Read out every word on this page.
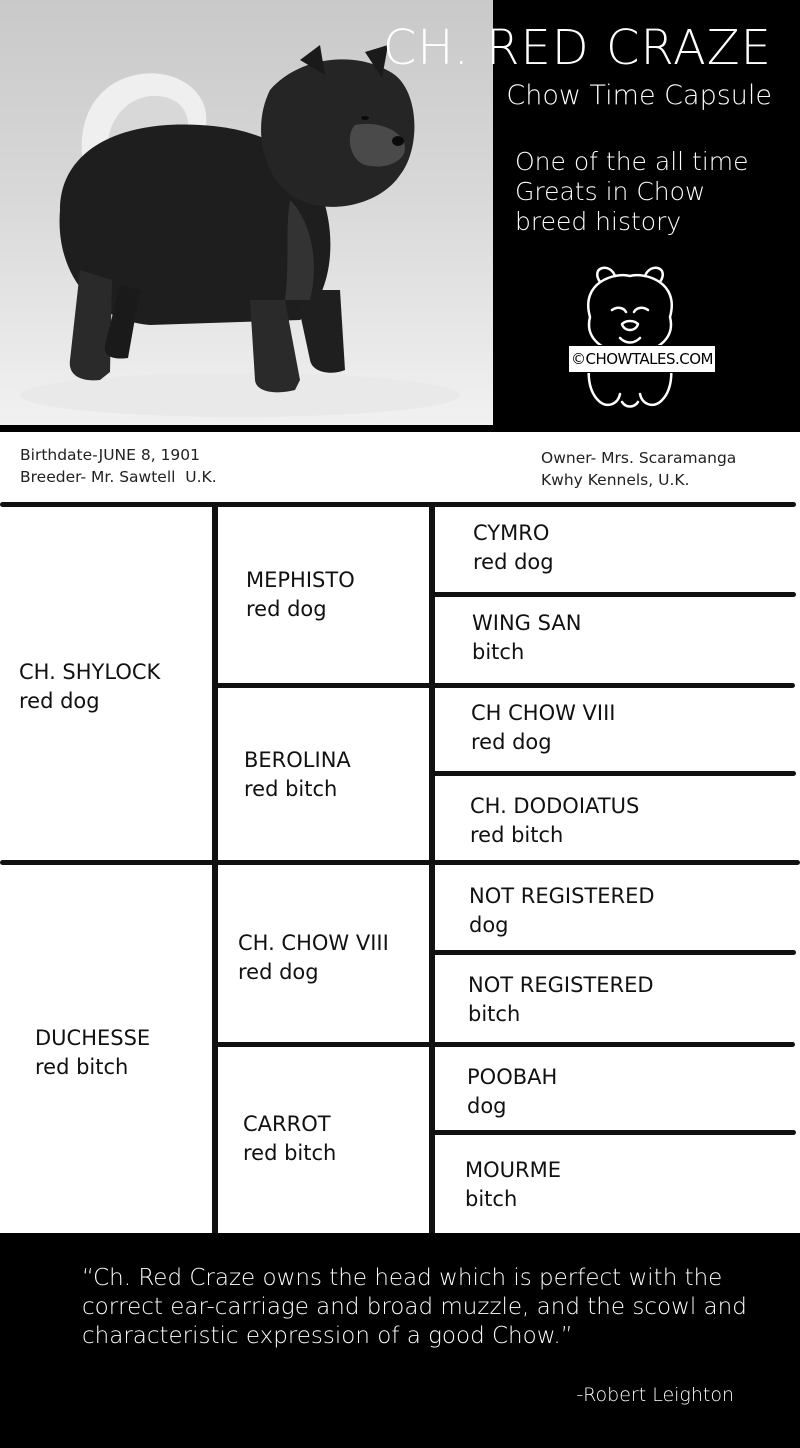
CH. RED CRAZE
Chow Time Capsule
One of the all time Greats in Chow breed history
©CHOWTALES.COM
Birthdate-JUNE 8, 1901
Breeder- Mr. Sawtell  U.K.
Owner- Mrs. Scaramanga
Kwhy Kennels, U.K.
CH. SHYLOCK
red dog
DUCHESSE
red bitch
MEPHISTO
red dog
BEROLINA
red bitch
CH. CHOW VIII
red dog
CARROT
red bitch
CYMRO
red dog
WING SAN
bitch
CH CHOW VIII
red dog
CH. DODOIATUS
red bitch
NOT REGISTERED
dog
NOT REGISTERED
bitch
POOBAH
dog
MOURME
bitch

“Ch. Red Craze owns the head which is perfect with the correct ear-carriage and broad muzzle, and the scowl and characteristic expression of a good Chow.”

-Robert Leighton
